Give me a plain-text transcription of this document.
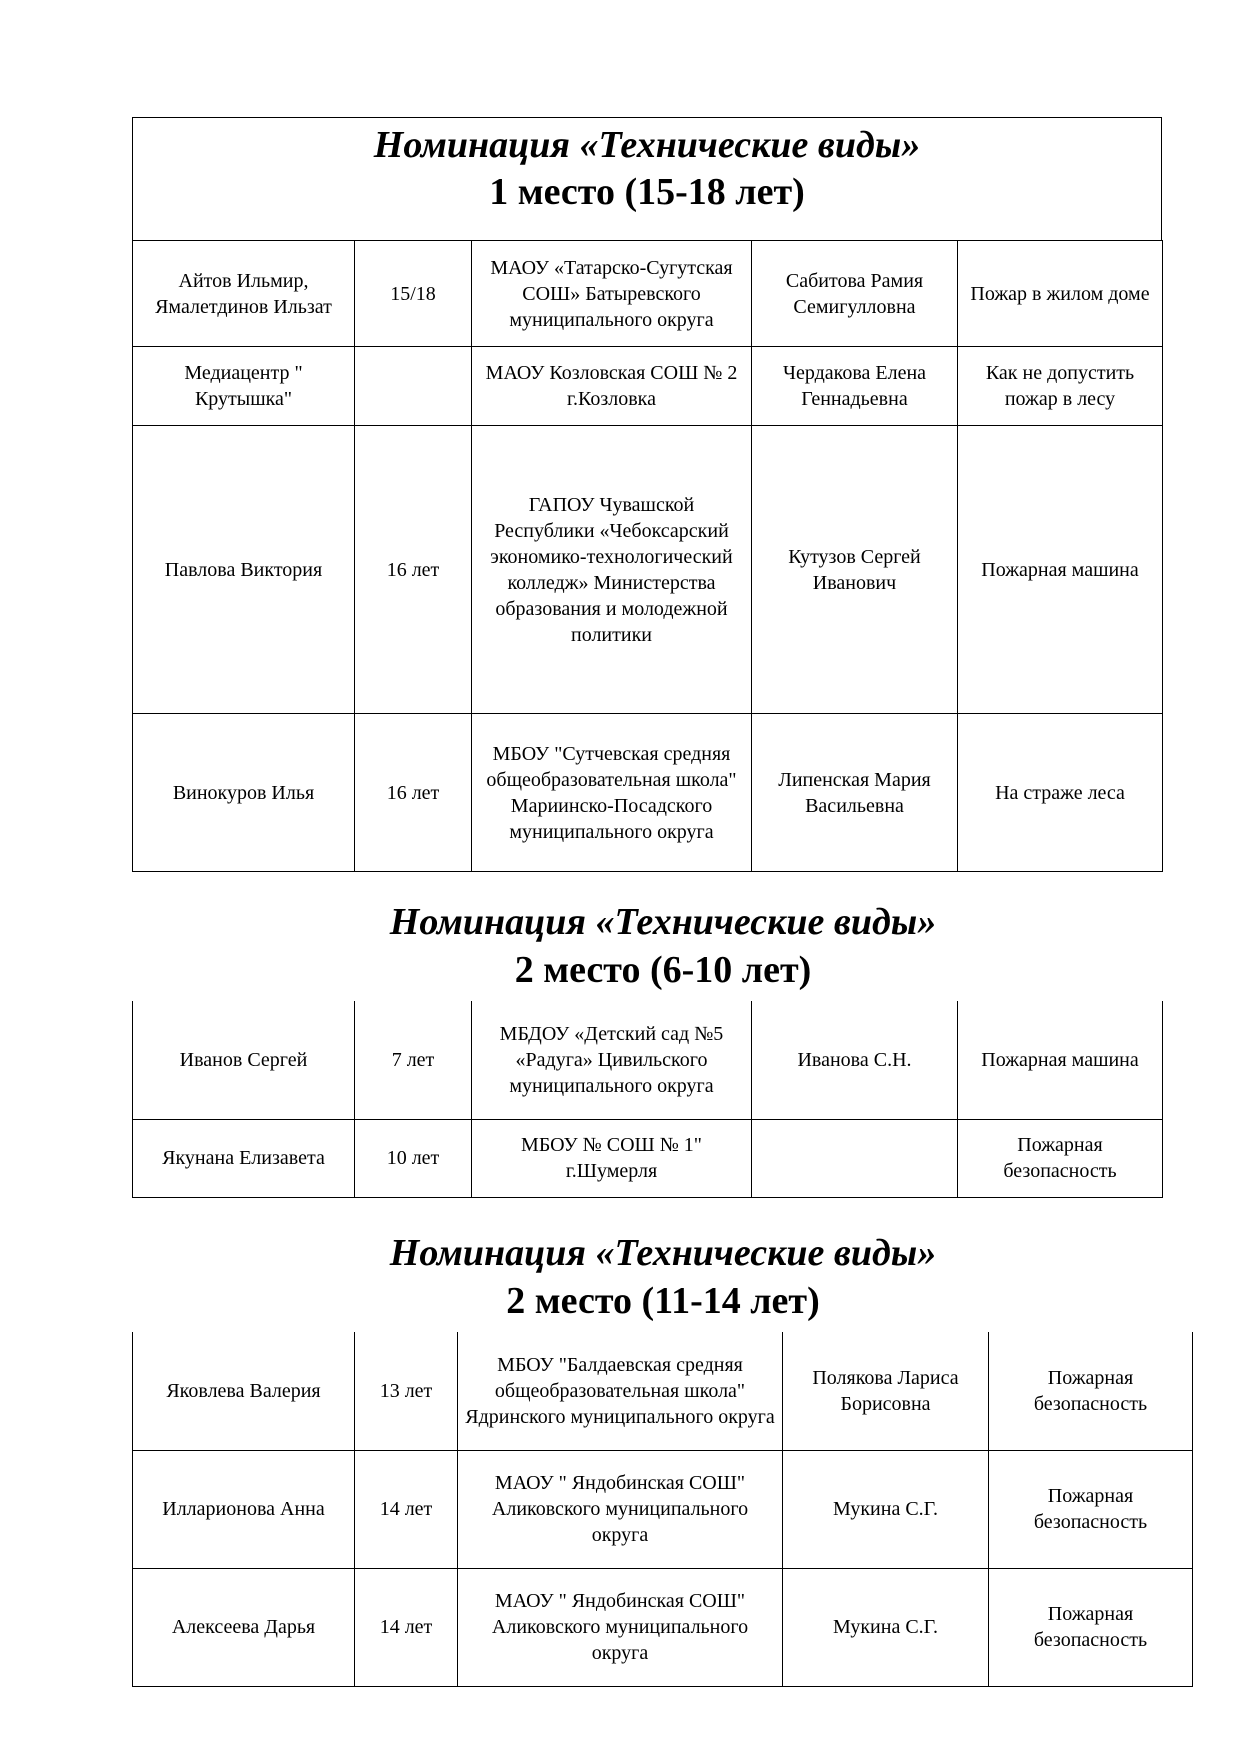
Номинация «Технические виды»
1 место (15-18 лет)
Айтов Ильмир, Ямалетдинов Ильзат	15/18	МАОУ «Татарско-Сугутская СОШ» Батыревского муниципального округа	Сабитова Рамия Семигулловна	Пожар в жилом доме
Медиацентр " Крутышка"		МАОУ Козловская СОШ № 2 г.Козловка	Чердакова Елена Геннадьевна	Как не допустить пожар в лесу
Павлова Виктория	16 лет	ГАПОУ Чувашской Республики «Чебоксарский экономико-технологический колледж» Министерства образования и молодежной политики	Кутузов Сергей Иванович	Пожарная машина
Винокуров Илья	16 лет	МБОУ "Сутчевская средняя общеобразовательная школа" Мариинско-Посадского муниципального округа	Липенская Мария Васильевна	На страже леса
Номинация «Технические виды»
2 место (6-10 лет)
Иванов Сергей	7 лет	МБДОУ «Детский сад №5 «Радуга» Цивильского муниципального округа	Иванова С.Н.	Пожарная машина
Якунана Елизавета	10 лет	МБОУ № СОШ № 1" г.Шумерля		Пожарная безопасность
Номинация «Технические виды»
2 место (11-14 лет)
Яковлева Валерия	13 лет	МБОУ "Балдаевская средняя общеобразовательная школа" Ядринского муниципального округа	Полякова Лариса Борисовна	Пожарная безопасность
Илларионова Анна	14 лет	МАОУ " Яндобинская СОШ" Аликовского муниципального округа	Мукина С.Г.	Пожарная безопасность
Алексеева Дарья	14 лет	МАОУ " Яндобинская СОШ" Аликовского муниципального округа	Мукина С.Г.	Пожарная безопасность
